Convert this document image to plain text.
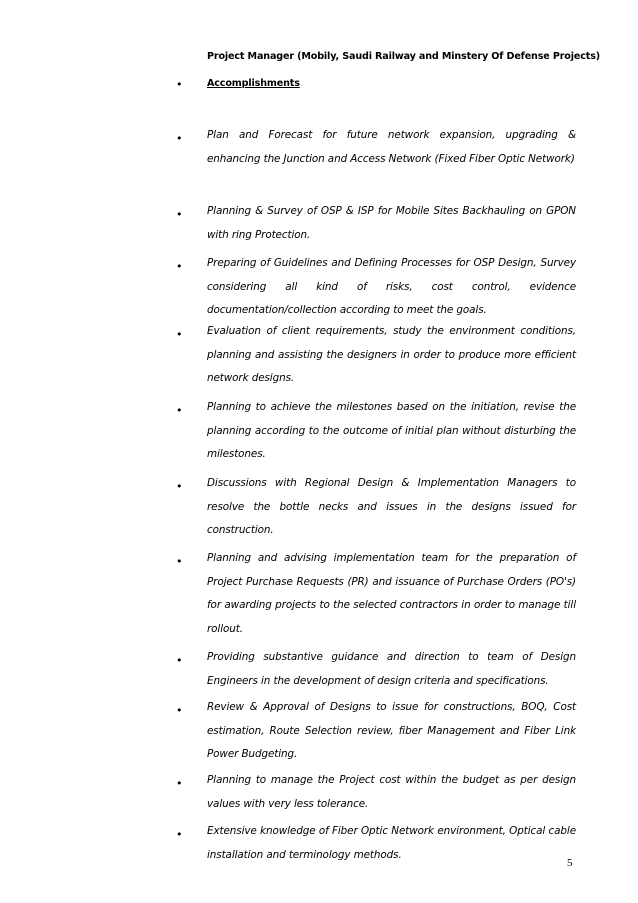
Project Manager (Mobily, Saudi Railway and Minstery Of Defense Projects)
•	Accomplishments
• Plan and Forecast for future network expansion, upgrading & enhancing the Junction and Access Network (Fixed Fiber Optic Network)
• Planning & Survey of OSP & ISP for Mobile Sites Backhauling on GPON with ring Protection.
• Preparing of Guidelines and Defining Processes for OSP Design, Survey considering all kind of risks, cost control, evidence documentation/collection according to meet the goals.
• Evaluation of client requirements, study the environment conditions, planning and assisting the designers in order to produce more efficient network designs.
• Planning to achieve the milestones based on the initiation, revise the planning according to the outcome of initial plan without disturbing the milestones.
• Discussions with Regional Design & Implementation Managers to resolve the bottle necks and issues in the designs issued for construction.
• Planning and advising implementation team for the preparation of Project Purchase Requests (PR) and issuance of Purchase Orders (PO's) for awarding projects to the selected contractors in order to manage till rollout.
• Providing substantive guidance and direction to team of Design Engineers in the development of design criteria and specifications.
• Review & Approval of Designs to issue for constructions, BOQ, Cost estimation, Route Selection review, fiber Management and Fiber Link Power Budgeting.
• Planning to manage the Project cost within the budget as per design values with very less tolerance.
• Extensive knowledge of Fiber Optic Network environment, Optical cable installation and terminology methods.
5
